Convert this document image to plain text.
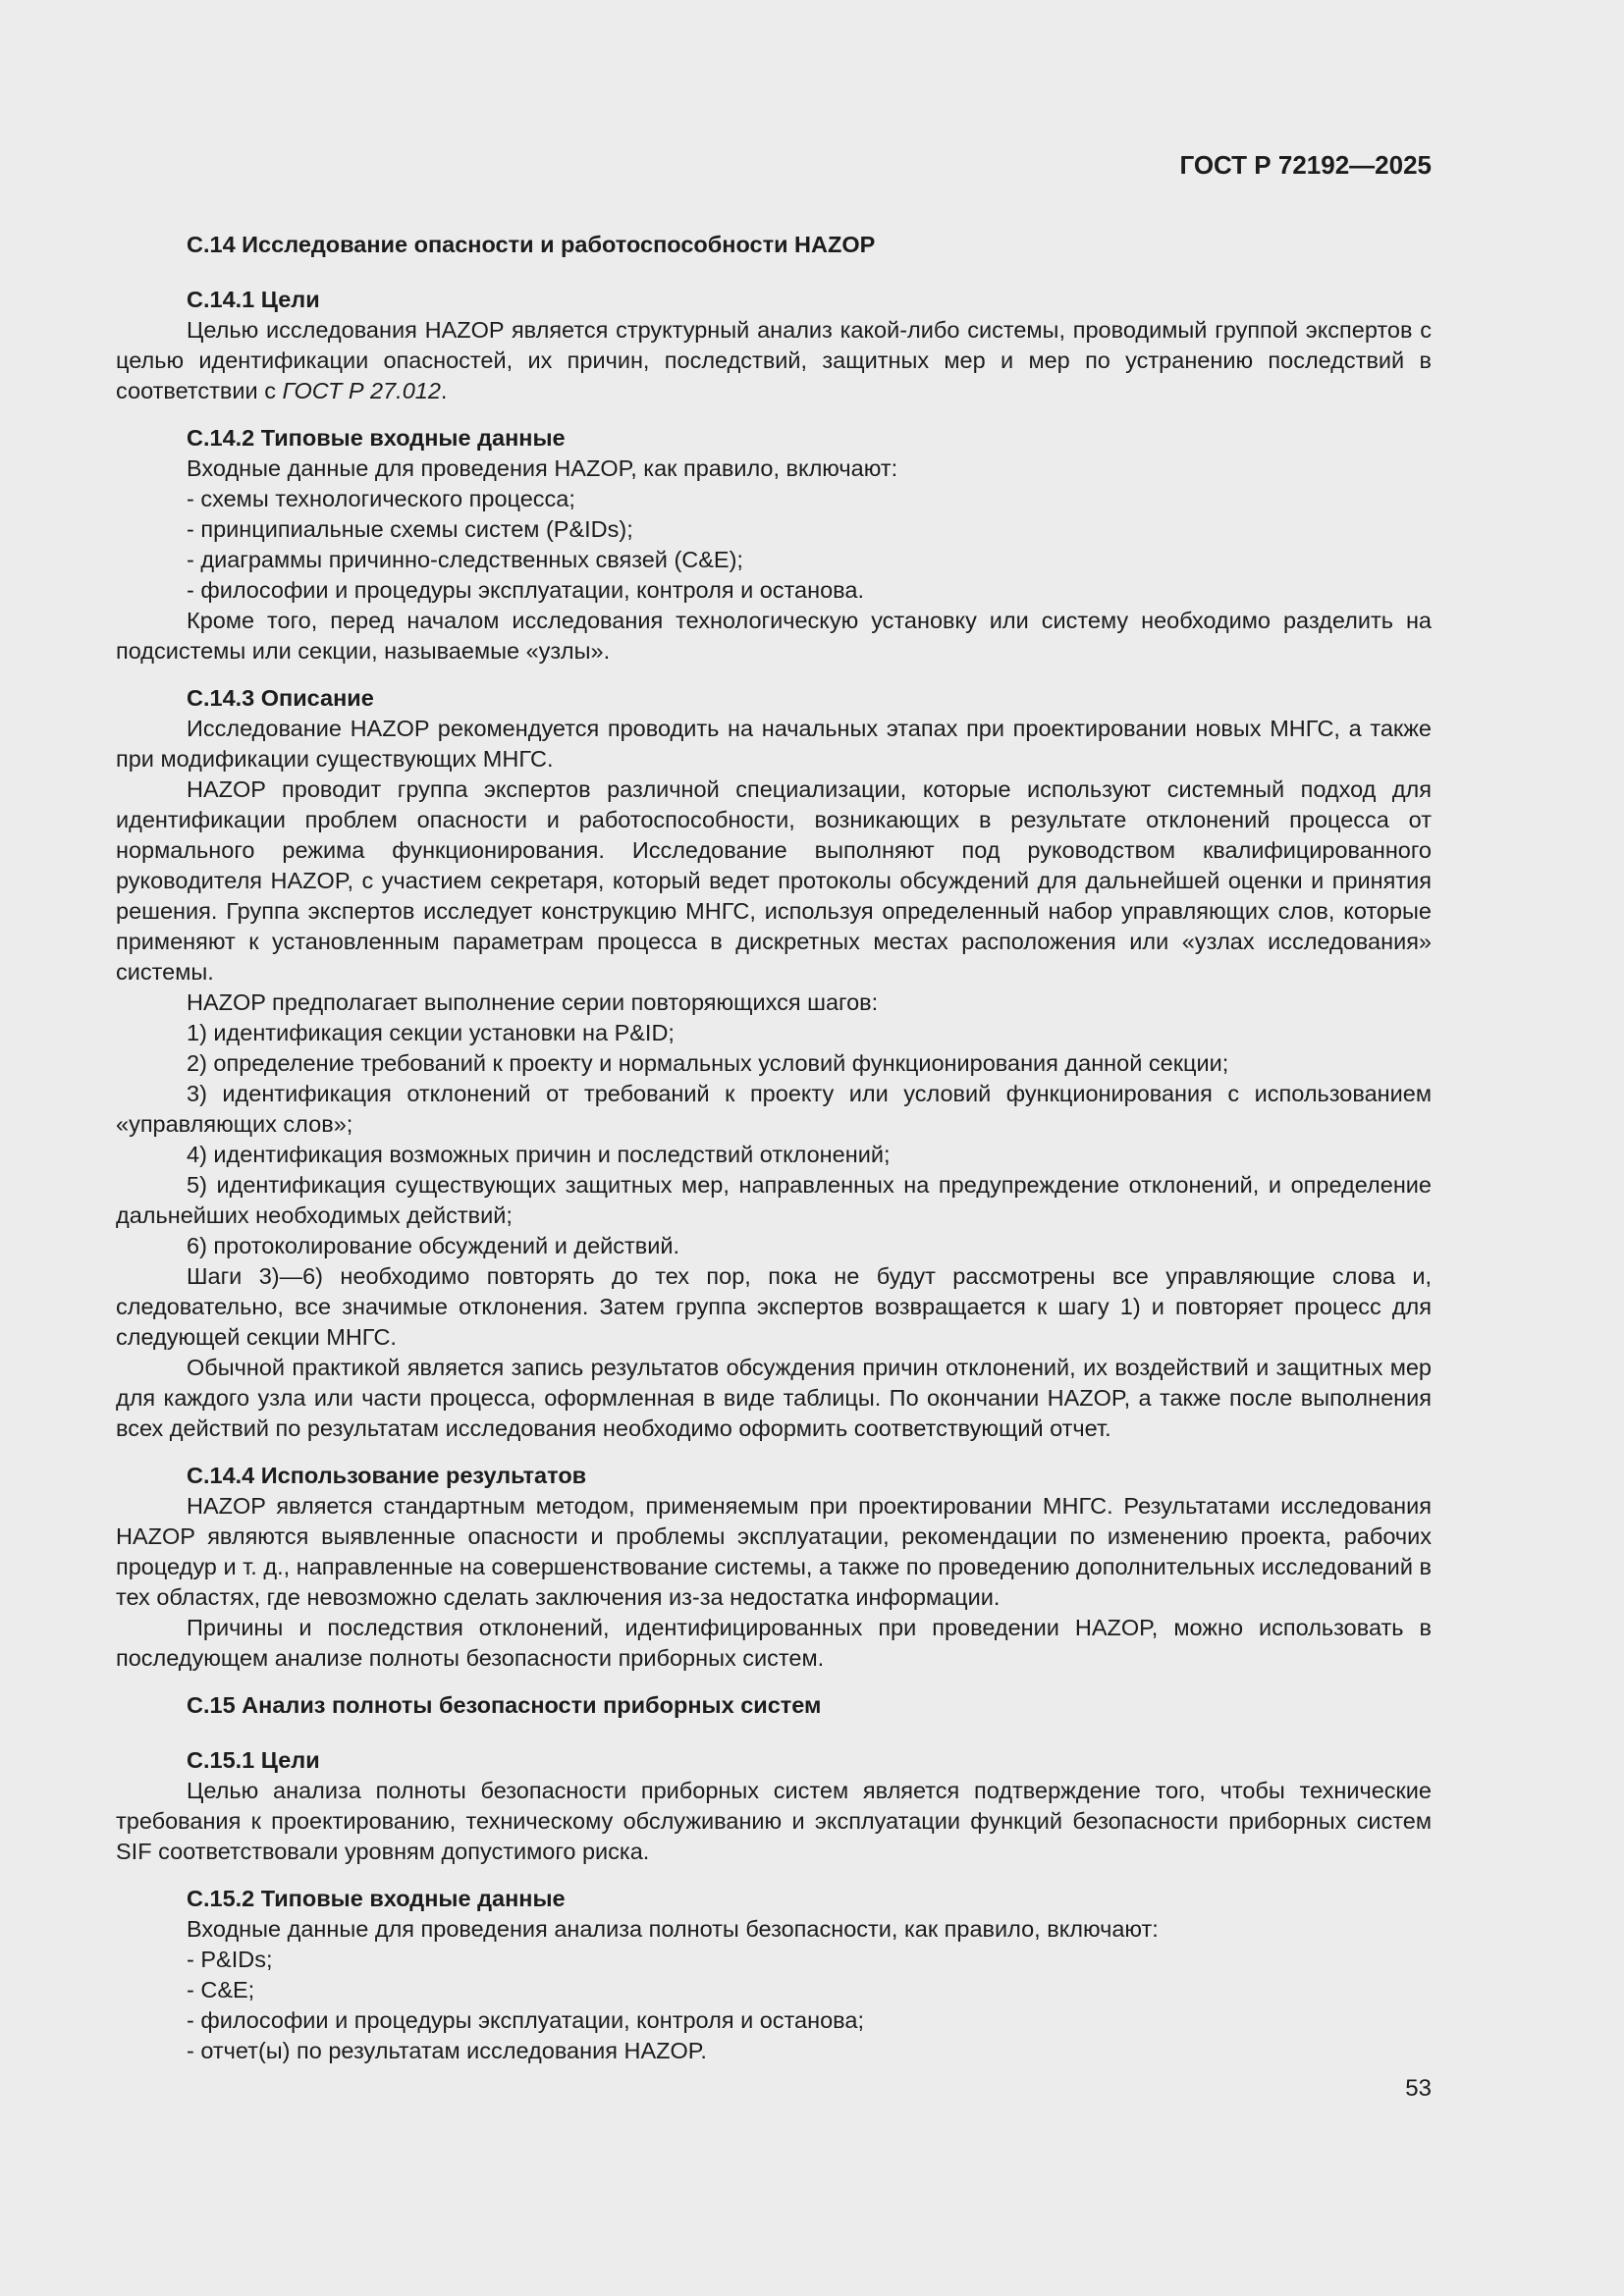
ГОСТ Р 72192—2025

С.14 Исследование опасности и работоспособности HAZOP

С.14.1 Цели

Целью исследования HAZOP является структурный анализ какой-либо системы, проводимый группой экспертов с целью идентификации опасностей, их причин, последствий, защитных мер и мер по устранению последствий в соответствии с ГОСТ Р 27.012.

С.14.2 Типовые входные данные

Входные данные для проведения HAZOP, как правило, включают:

- схемы технологического процесса;

- принципиальные схемы систем (P&IDs);

- диаграммы причинно-следственных связей (C&E);

- философии и процедуры эксплуатации, контроля и останова.

Кроме того, перед началом исследования технологическую установку или систему необходимо разделить на подсистемы или секции, называемые «узлы».

С.14.3 Описание

Исследование HAZOP рекомендуется проводить на начальных этапах при проектировании новых МНГС, а также при модификации существующих МНГС.

HAZOP проводит группа экспертов различной специализации, которые используют системный подход для идентификации проблем опасности и работоспособности, возникающих в результате отклонений процесса от нормального режима функционирования. Исследование выполняют под руководством квалифицированного руководителя HAZOP, с участием секретаря, который ведет протоколы обсуждений для дальнейшей оценки и принятия решения. Группа экспертов исследует конструкцию МНГС, используя определенный набор управляющих слов, которые применяют к установленным параметрам процесса в дискретных местах расположения или «узлах исследования» системы.

HAZOP предполагает выполнение серии повторяющихся шагов:

1) идентификация секции установки на P&ID;

2) определение требований к проекту и нормальных условий функционирования данной секции;

3) идентификация отклонений от требований к проекту или условий функционирования с использованием «управляющих слов»;

4) идентификация возможных причин и последствий отклонений;

5) идентификация существующих защитных мер, направленных на предупреждение отклонений, и определение дальнейших необходимых действий;

6) протоколирование обсуждений и действий.

Шаги 3)—6) необходимо повторять до тех пор, пока не будут рассмотрены все управляющие слова и, следовательно, все значимые отклонения. Затем группа экспертов возвращается к шагу 1) и повторяет процесс для следующей секции МНГС.

Обычной практикой является запись результатов обсуждения причин отклонений, их воздействий и защитных мер для каждого узла или части процесса, оформленная в виде таблицы. По окончании HAZOP, а также после выполнения всех действий по результатам исследования необходимо оформить соответствующий отчет.

С.14.4 Использование результатов

HAZOP является стандартным методом, применяемым при проектировании МНГС. Результатами исследования HAZOP являются выявленные опасности и проблемы эксплуатации, рекомендации по изменению проекта, рабочих процедур и т. д., направленные на совершенствование системы, а также по проведению дополнительных исследований в тех областях, где невозможно сделать заключения из-за недостатка информации.

Причины и последствия отклонений, идентифицированных при проведении HAZOP, можно использовать в последующем анализе полноты безопасности приборных систем.

С.15 Анализ полноты безопасности приборных систем

С.15.1 Цели

Целью анализа полноты безопасности приборных систем является подтверждение того, чтобы технические требования к проектированию, техническому обслуживанию и эксплуатации функций безопасности приборных систем SIF соответствовали уровням допустимого риска.

С.15.2 Типовые входные данные

Входные данные для проведения анализа полноты безопасности, как правило, включают:

- P&IDs;

- C&E;

- философии и процедуры эксплуатации, контроля и останова;

- отчет(ы) по результатам исследования HAZOP.

53
